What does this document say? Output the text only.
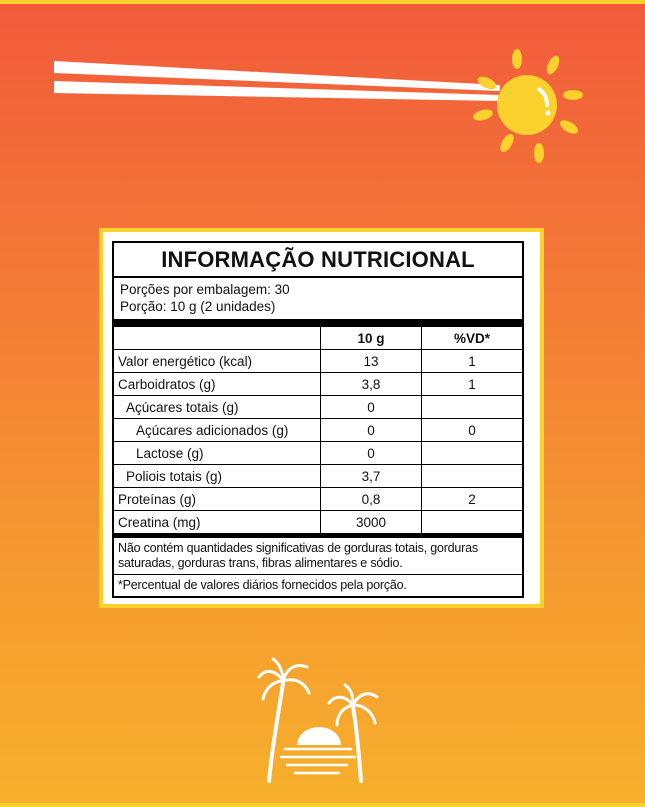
INFORMAÇÃO NUTRICIONAL
Porções por embalagem: 30
Porção: 10 g (2 unidades)
	10 g	%VD*
Valor energético (kcal)	13	1
Carboidratos (g)	3,8	1
Açúcares totais (g)	0	
Açúcares adicionados (g)	0	0
Lactose (g)	0	
Poliois totais (g)	3,7	
Proteínas (g)	0,8	2
Creatina (mg)	3000	
Não contém quantidades significativas de gorduras totais, gorduras saturadas, gorduras trans, fibras alimentares e sódio.
*Percentual de valores diários fornecidos pela porção.
